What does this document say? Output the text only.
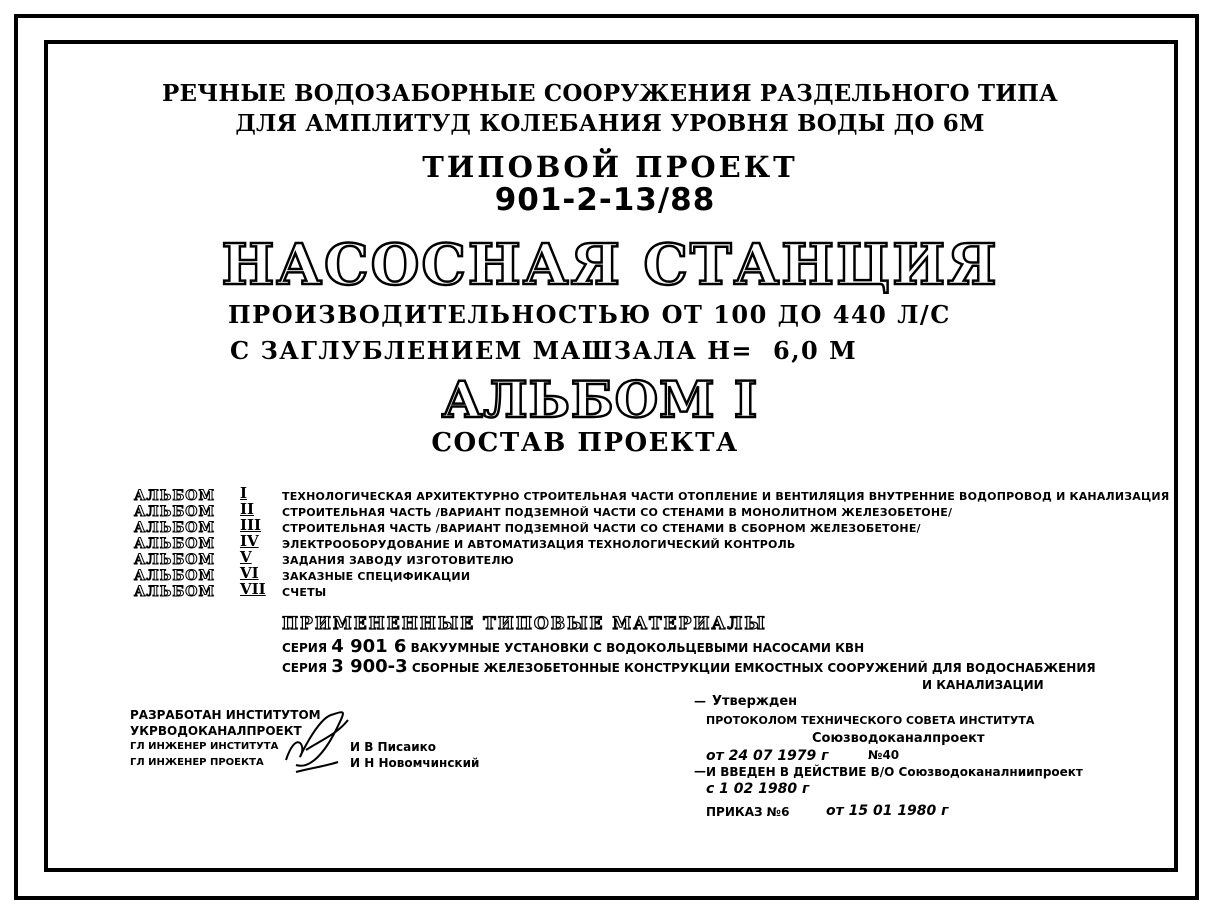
РЕЧНЫЕ ВОДОЗАБОРНЫЕ СООРУЖЕНИЯ РАЗДЕЛЬНОГО ТИПА
ДЛЯ АМПЛИТУД КОЛЕБАНИЯ УРОВНЯ ВОДЫ ДО 6М
ТИПОВОЙ ПРОЕКТ
901-2-13/88
НАСОСНАЯ СТАНЦИЯ
ПРОИЗВОДИТЕЛЬНОСТЬЮ ОТ 100 ДО 440 Л/С
С ЗАГЛУБЛЕНИЕМ МАШЗАЛА Н= 6,0 М
АЛЬБОМ I
СОСТАВ ПРОЕКТА
АЛЬБОМ I	ТЕХНОЛОГИЧЕСКАЯ АРХИТЕКТУРНО СТРОИТЕЛЬНАЯ ЧАСТИ ОТОПЛЕНИЕ И ВЕНТИЛЯЦИЯ ВНУТРЕННИЕ ВОДОПРОВОД И КАНАЛИЗАЦИЯ
АЛЬБОМ II	СТРОИТЕЛЬНАЯ ЧАСТЬ /ВАРИАНТ ПОДЗЕМНОЙ ЧАСТИ СО СТЕНАМИ В МОНОЛИТНОМ ЖЕЛЕЗОБЕТОНЕ/
АЛЬБОМ III СТРОИТЕЛЬНАЯ ЧАСТЬ /ВАРИАНТ ПОДЗЕМНОЙ ЧАСТИ СО СТЕНАМИ В СБОРНОМ ЖЕЛЕЗОБЕТОНЕ/
АЛЬБОМ IV ЭЛЕКТРООБОРУДОВАНИЕ И АВТОМАТИЗАЦИЯ ТЕХНОЛОГИЧЕСКИЙ КОНТРОЛЬ
АЛЬБОМ V	ЗАДАНИЯ ЗАВОДУ ИЗГОТОВИТЕЛЮ
АЛЬБОМ VI ЗАКАЗНЫЕ СПЕЦИФИКАЦИИ
АЛЬБОМ VII СЧЕТЫ
ПРИМЕНЕННЫЕ ТИПОВЫЕ МАТЕРИАЛЫ
СЕРИЯ 4 901 6 ВАКУУМНЫЕ УСТАНОВКИ С ВОДОКОЛЬЦЕВЫМИ НАСОСАМИ КВН
СЕРИЯ 3 900-3 СБОРНЫЕ ЖЕЛЕЗОБЕТОННЫЕ КОНСТРУКЦИИ ЕМКОСТНЫХ СООРУЖЕНИЙ ДЛЯ ВОДОСНАБЖЕНИЯ
И КАНАЛИЗАЦИИ
РАЗРАБОТАН ИНСТИТУТОМ
УКРВОДОКАНАЛПРОЕКТ
ГЛ ИНЖЕНЕР ИНСТИТУТА	И В Писаико
ГЛ ИНЖЕНЕР ПРОЕКТА	И Н Новомчинский
— Утвержден
ПРОТОКОЛОМ ТЕХНИЧЕСКОГО СОВЕТА ИНСТИТУТА
Союзводоканалпроект
от 24 07 1979 г	№40
— И ВВЕДЕН В ДЕЙСТВИЕ В/О Союзводоканалниипроект
с 1 02 1980 г
ПРИКАЗ №6	от 15 01 1980 г
